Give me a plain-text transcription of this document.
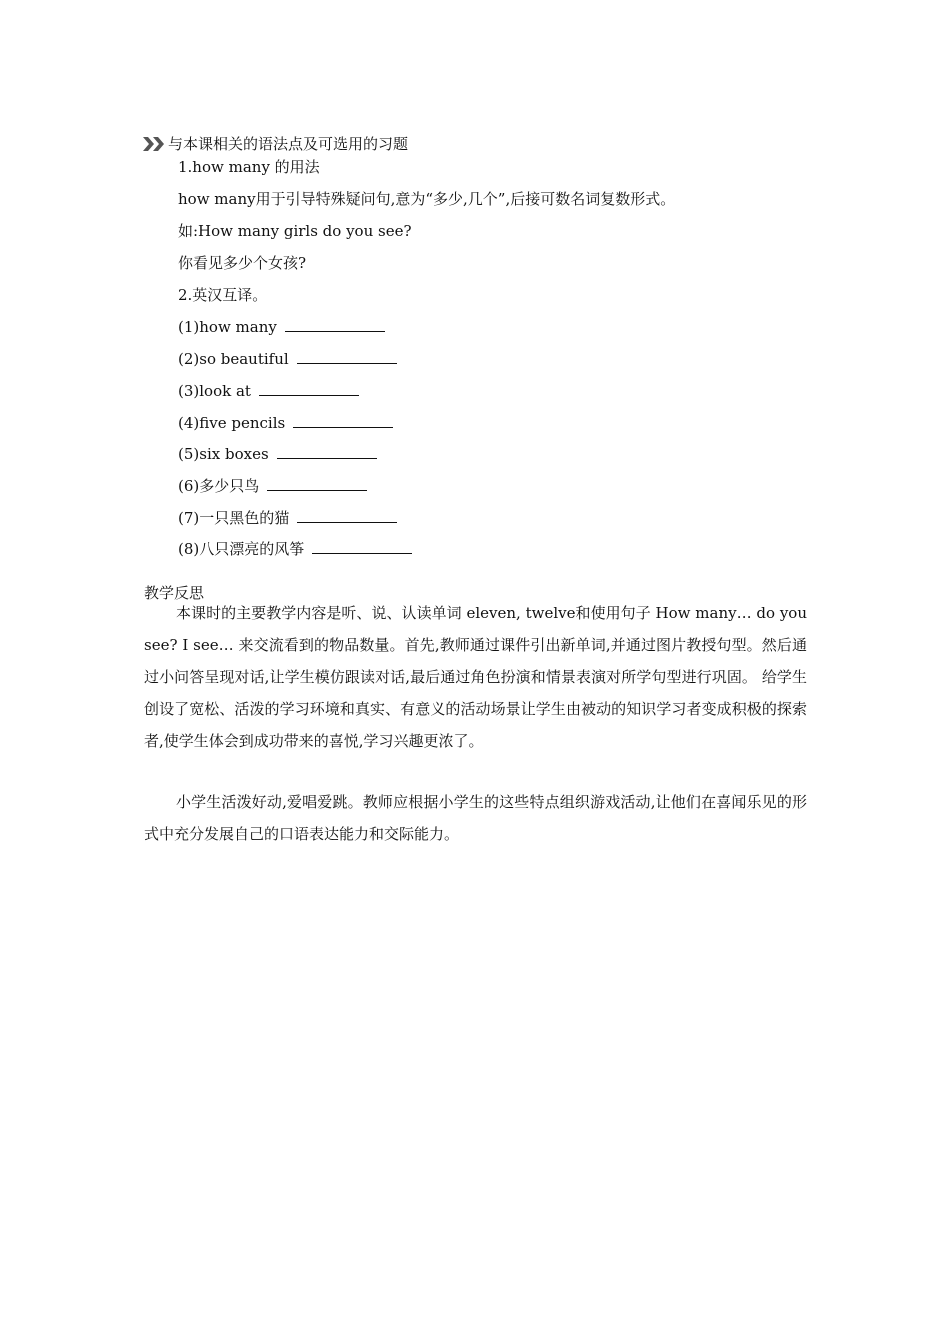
与本课相关的语法点及可选用的习题
1.how many 的用法
how many用于引导特殊疑问句,意为“多少,几个”,后接可数名词复数形式。
如:How many girls do you see?
你看见多少个女孩?
2.英汉互译。
(1)how many
(2)so beautiful
(3)look at
(4)five pencils
(5)six boxes
(6)多少只鸟
(7)一只黑色的猫
(8)八只漂亮的风筝
教学反思
本课时的主要教学内容是听、说、认读单词 eleven, twelve和使用句子 How many… do you see? I see… 来交流看到的物品数量。首先,教师通过课件引出新单词,并通过图片教授句型。然后通过小问答呈现对话,让学生模仿跟读对话,最后通过角色扮演和情景表演对所学句型进行巩固。 给学生创设了宽松、活泼的学习环境和真实、有意义的活动场景让学生由被动的知识学习者变成积极的探索者,使学生体会到成功带来的喜悦,学习兴趣更浓了。
小学生活泼好动,爱唱爱跳。教师应根据小学生的这些特点组织游戏活动,让他们在喜闻乐见的形式中充分发展自己的口语表达能力和交际能力。
